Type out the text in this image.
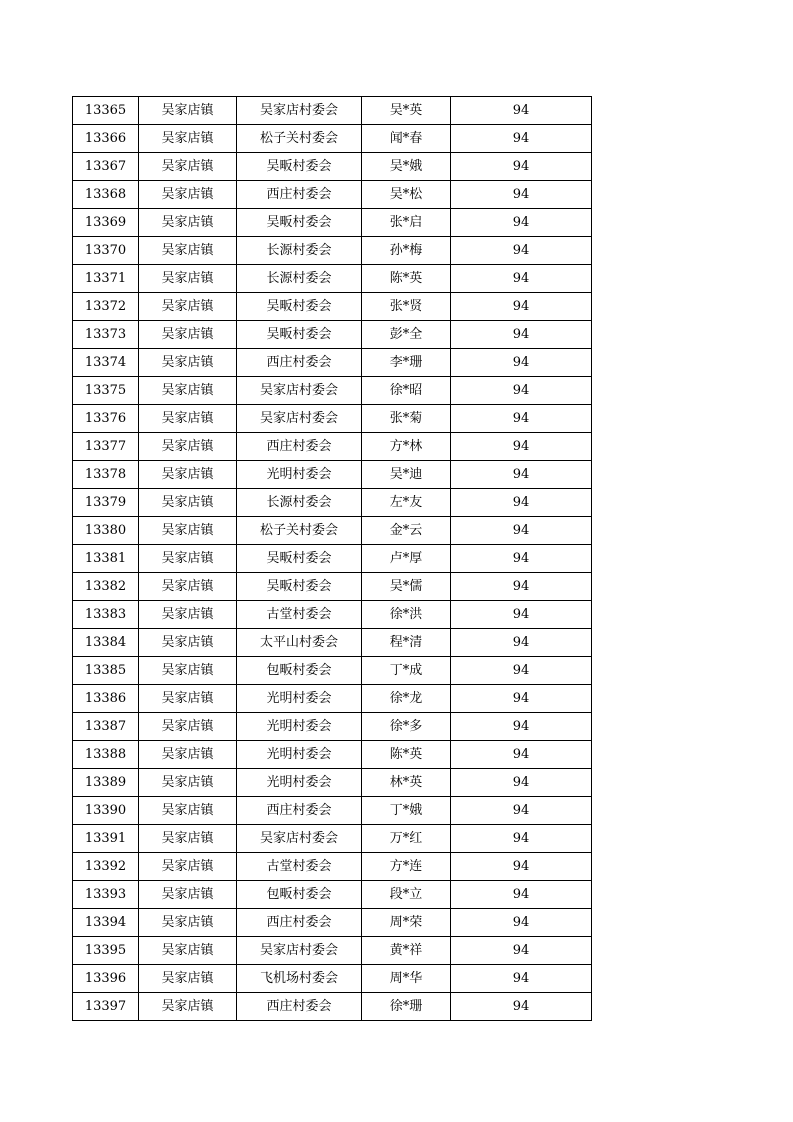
13365	吴家店镇	吴家店村委会	吴*英	94
13366	吴家店镇	松子关村委会	闻*春	94
13367	吴家店镇	吴畈村委会	吴*娥	94
13368	吴家店镇	西庄村委会	吴*松	94
13369	吴家店镇	吴畈村委会	张*启	94
13370	吴家店镇	长源村委会	孙*梅	94
13371	吴家店镇	长源村委会	陈*英	94
13372	吴家店镇	吴畈村委会	张*贤	94
13373	吴家店镇	吴畈村委会	彭*全	94
13374	吴家店镇	西庄村委会	李*珊	94
13375	吴家店镇	吴家店村委会	徐*昭	94
13376	吴家店镇	吴家店村委会	张*菊	94
13377	吴家店镇	西庄村委会	方*林	94
13378	吴家店镇	光明村委会	吴*迪	94
13379	吴家店镇	长源村委会	左*友	94
13380	吴家店镇	松子关村委会	金*云	94
13381	吴家店镇	吴畈村委会	卢*厚	94
13382	吴家店镇	吴畈村委会	吴*儒	94
13383	吴家店镇	古堂村委会	徐*洪	94
13384	吴家店镇	太平山村委会	程*清	94
13385	吴家店镇	包畈村委会	丁*成	94
13386	吴家店镇	光明村委会	徐*龙	94
13387	吴家店镇	光明村委会	徐*多	94
13388	吴家店镇	光明村委会	陈*英	94
13389	吴家店镇	光明村委会	林*英	94
13390	吴家店镇	西庄村委会	丁*娥	94
13391	吴家店镇	吴家店村委会	万*红	94
13392	吴家店镇	古堂村委会	方*连	94
13393	吴家店镇	包畈村委会	段*立	94
13394	吴家店镇	西庄村委会	周*荣	94
13395	吴家店镇	吴家店村委会	黄*祥	94
13396	吴家店镇	飞机场村委会	周*华	94
13397	吴家店镇	西庄村委会	徐*珊	94
